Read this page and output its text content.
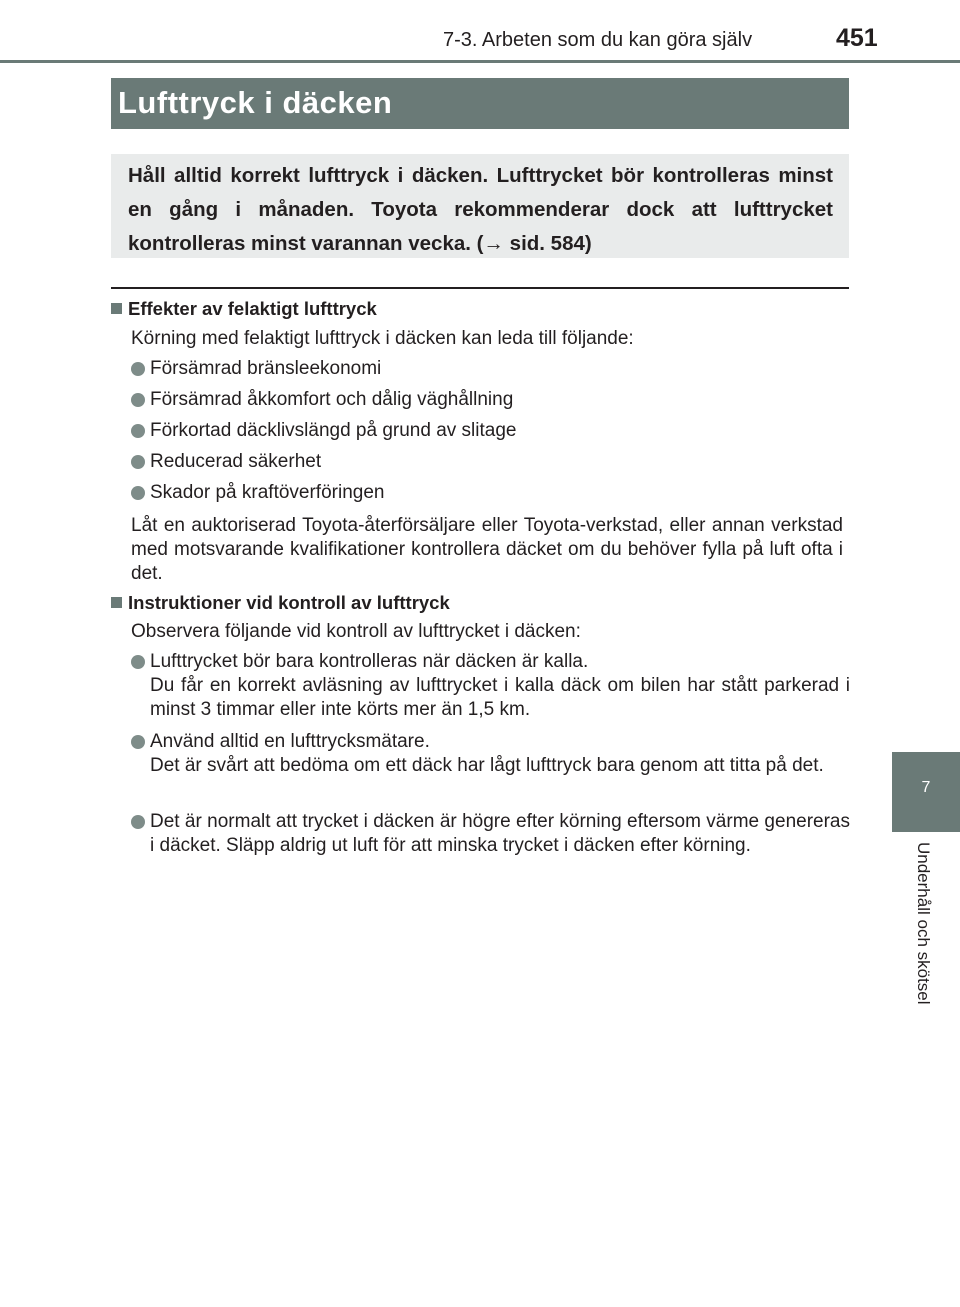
7-3. Arbeten som du kan göra själv	451
Lufttryck i däcken
Håll alltid korrekt lufttryck i däcken. Lufttrycket bör kontrolleras minst en gång i månaden. Toyota rekommenderar dock att lufttrycket kontrolleras minst varannan vecka. (→ sid. 584)
7
Underhåll och skötsel
Effekter av felaktigt lufttryck
Körning med felaktigt lufttryck i däcken kan leda till följande:
Försämrad bränsleekonomi
Försämrad åkkomfort och dålig väghållning
Förkortad däcklivslängd på grund av slitage
Reducerad säkerhet
Skador på kraftöverföringen
Låt en auktoriserad Toyota-återförsäljare eller Toyota-verkstad, eller annan verkstad med motsvarande kvalifikationer kontrollera däcket om du behöver fylla på luft ofta i det.
Instruktioner vid kontroll av lufttryck
Observera följande vid kontroll av lufttrycket i däcken:
Lufttrycket bör bara kontrolleras när däcken är kalla.
Du får en korrekt avläsning av lufttrycket i kalla däck om bilen har stått parkerad i minst 3 timmar eller inte körts mer än 1,5 km.
Använd alltid en lufttrycksmätare.
Det är svårt att bedöma om ett däck har lågt lufttryck bara genom att titta på det.
Det är normalt att trycket i däcken är högre efter körning eftersom värme genereras i däcket. Släpp aldrig ut luft för att minska trycket i däcken efter körning.
